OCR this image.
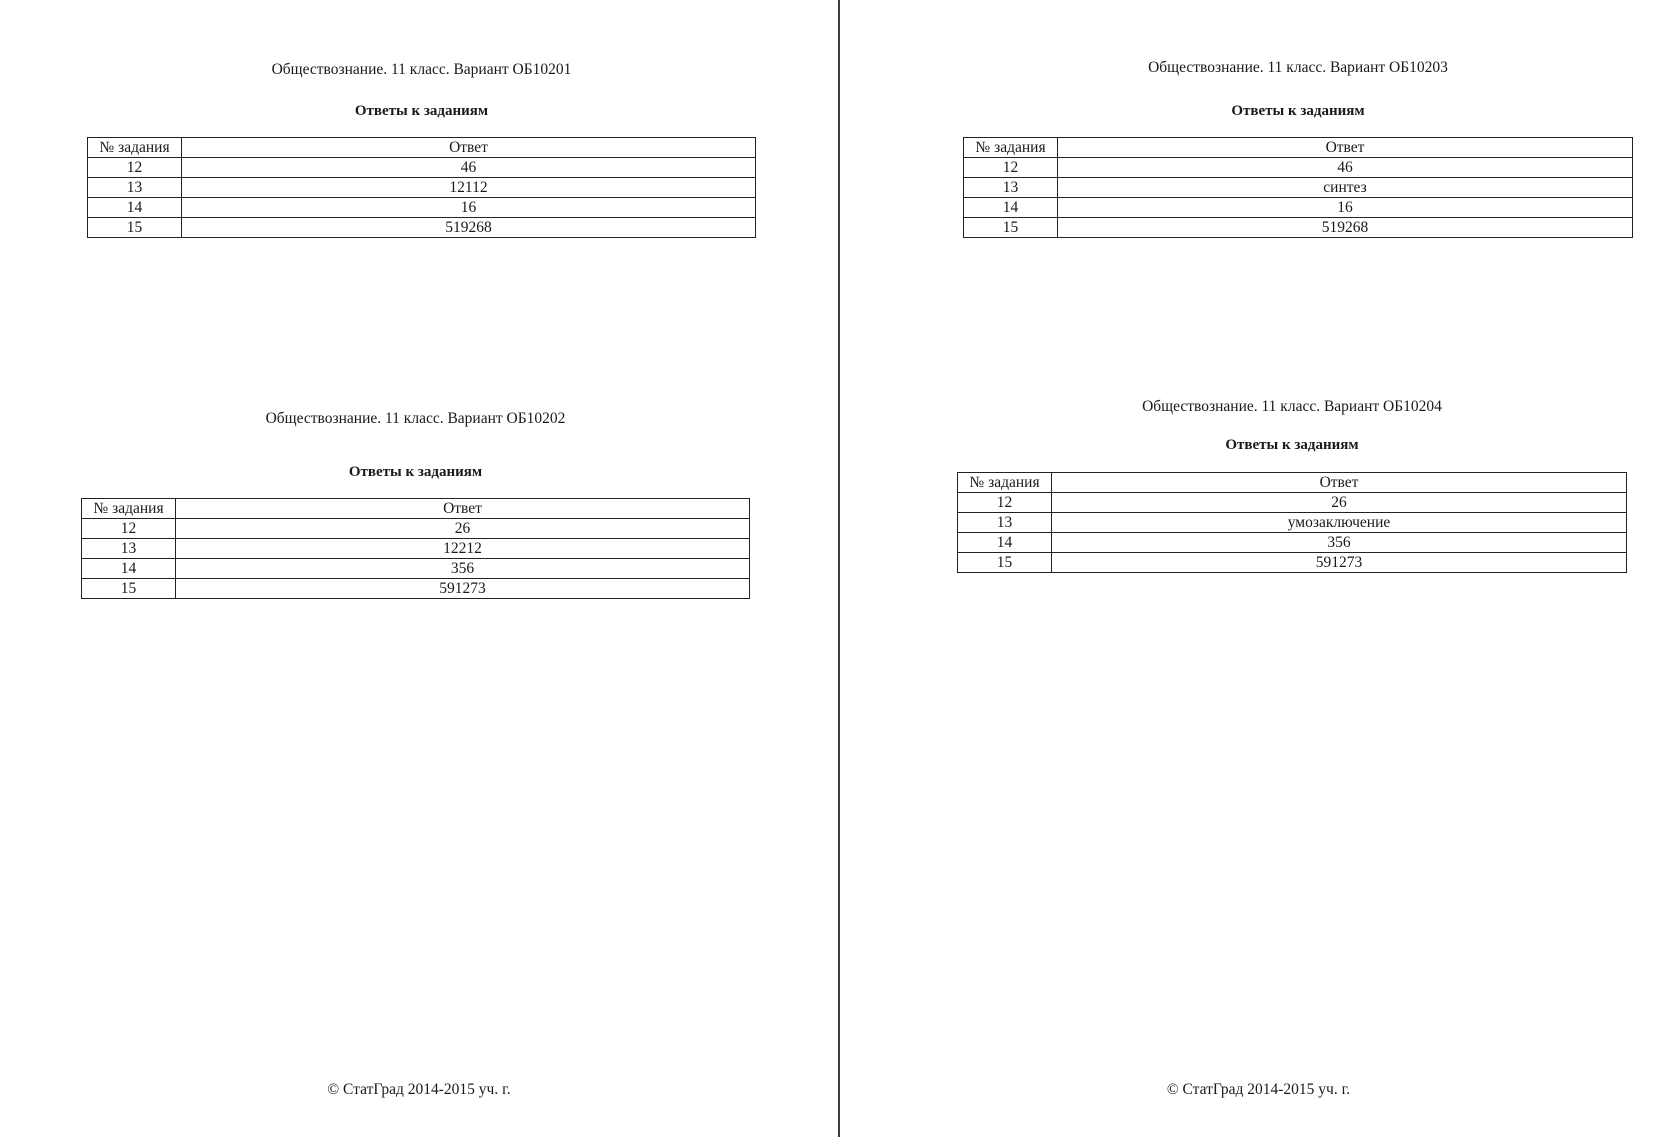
Обществознание. 11 класс. Вариант ОБ10201
Ответы к заданиям
№ задания	Ответ
12	46
13	12112
14	16
15	519268
Обществознание. 11 класс. Вариант ОБ10202
Ответы к заданиям
№ задания	Ответ
12	26
13	12212
14	356
15	591273
© СтатГрад 2014-2015 уч. г.
Обществознание. 11 класс. Вариант ОБ10203
Ответы к заданиям
№ задания	Ответ
12	46
13	синтез
14	16
15	519268
Обществознание. 11 класс. Вариант ОБ10204
Ответы к заданиям
№ задания	Ответ
12	26
13	умозаключение
14	356
15	591273
© СтатГрад 2014-2015 уч. г.
